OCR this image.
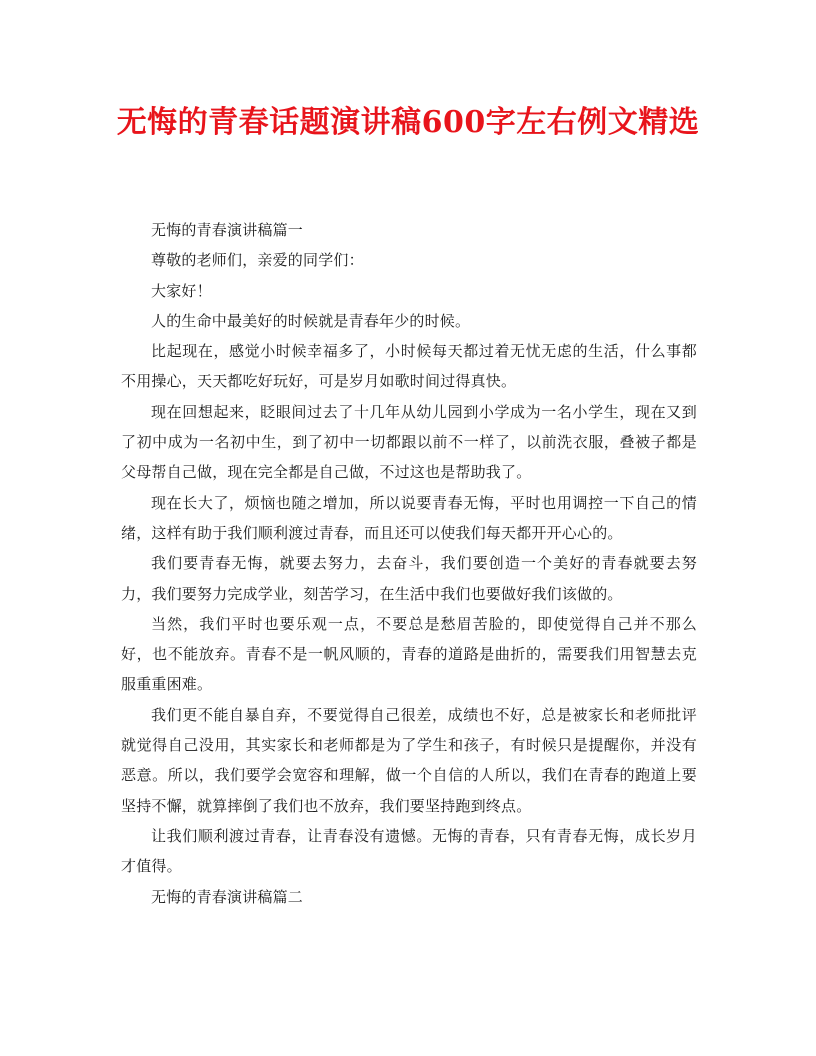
无悔的青春话题演讲稿600字左右例文精选

无悔的青春演讲稿篇一

尊敬的老师们，亲爱的同学们：

大家好！

人的生命中最美好的时候就是青春年少的时候。

比起现在，感觉小时候幸福多了，小时候每天都过着无忧无虑的生活，什么事都不用操心，天天都吃好玩好，可是岁月如歌时间过得真快。

现在回想起来，眨眼间过去了十几年从幼儿园到小学成为一名小学生，现在又到了初中成为一名初中生，到了初中一切都跟以前不一样了，以前洗衣服，叠被子都是父母帮自己做，现在完全都是自己做，不过这也是帮助我了。

现在长大了，烦恼也随之增加，所以说要青春无悔，平时也用调控一下自己的情绪，这样有助于我们顺利渡过青春，而且还可以使我们每天都开开心心的。

我们要青春无悔，就要去努力，去奋斗，我们要创造一个美好的青春就要去努力，我们要努力完成学业，刻苦学习，在生活中我们也要做好我们该做的。

当然，我们平时也要乐观一点，不要总是愁眉苦脸的，即使觉得自己并不那么好，也不能放弃。青春不是一帆风顺的，青春的道路是曲折的，需要我们用智慧去克服重重困难。

我们更不能自暴自弃，不要觉得自己很差，成绩也不好，总是被家长和老师批评就觉得自己没用，其实家长和老师都是为了学生和孩子，有时候只是提醒你，并没有恶意。所以，我们要学会宽容和理解，做一个自信的人所以，我们在青春的跑道上要坚持不懈，就算摔倒了我们也不放弃，我们要坚持跑到终点。

让我们顺利渡过青春，让青春没有遗憾。无悔的青春，只有青春无悔，成长岁月才值得。

无悔的青春演讲稿篇二
